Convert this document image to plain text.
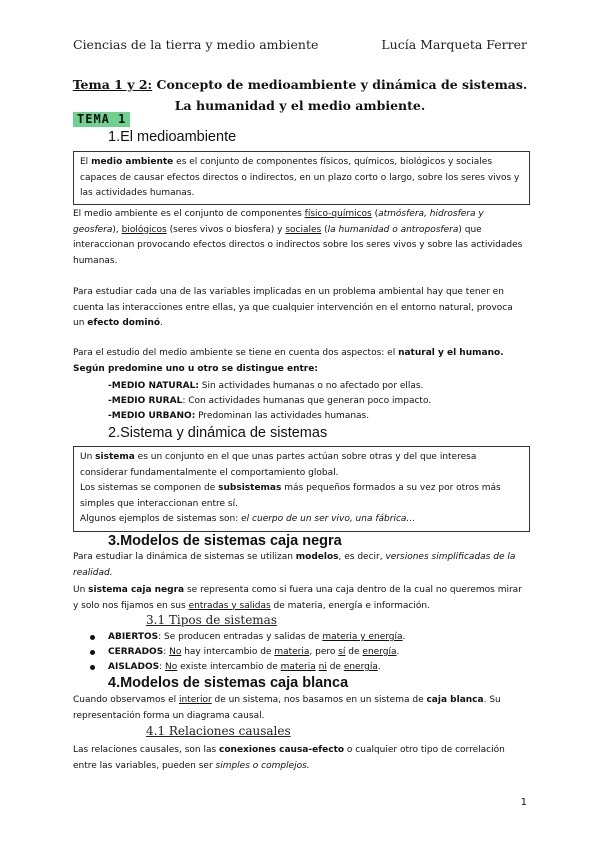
Ciencias de la tierra y medio ambiente	Lucía Marqueta Ferrer
Tema 1 y 2: Concepto de medioambiente y dinámica de sistemas. La humanidad y el medio ambiente.
TEMA 1
1.El medioambiente
El medio ambiente es el conjunto de componentes físicos, químicos, biológicos y sociales capaces de causar efectos directos o indirectos, en un plazo corto o largo, sobre los seres vivos y las actividades humanas.
El medio ambiente es el conjunto de componentes físico-químicos (atmósfera, hidrosfera y geosfera), biológicos (seres vivos o biosfera) y sociales (la humanidad o antroposfera) que interaccionan provocando efectos directos o indirectos sobre los seres vivos y sobre las actividades humanas.
Para estudiar cada una de las variables implicadas en un problema ambiental hay que tener en cuenta las interacciones entre ellas, ya que cualquier intervención en el entorno natural, provoca un efecto dominó.
Para el estudio del medio ambiente se tiene en cuenta dos aspectos: el natural y el humano.
Según predomine uno u otro se distingue entre:
-MEDIO NATURAL: Sin actividades humanas o no afectado por ellas.
-MEDIO RURAL: Con actividades humanas que generan poco impacto.
-MEDIO URBANO: Predominan las actividades humanas.
2.Sistema y dinámica de sistemas
Un sistema es un conjunto en el que unas partes actúan sobre otras y del que interesa considerar fundamentalmente el comportamiento global.
Los sistemas se componen de subsistemas más pequeños formados a su vez por otros más simples que interaccionan entre sí.
Algunos ejemplos de sistemas son: el cuerpo de un ser vivo, una fábrica…
3.Modelos de sistemas caja negra
Para estudiar la dinámica de sistemas se utilizan modelos, es decir, versiones simplificadas de la realidad.
Un sistema caja negra se representa como si fuera una caja dentro de la cual no queremos mirar y solo nos fijamos en sus entradas y salidas de materia, energía e información.
3.1 Tipos de sistemas
ABIERTOS: Se producen entradas y salidas de materia y energía.
CERRADOS: No hay intercambio de materia, pero sí de energía.
AISLADOS: No existe intercambio de materia ni de energía.
4.Modelos de sistemas caja blanca
Cuando observamos el interior de un sistema, nos basamos en un sistema de caja blanca. Su representación forma un diagrama causal.
4.1 Relaciones causales
Las relaciones causales, son las conexiones causa-efecto o cualquier otro tipo de correlación entre las variables, pueden ser simples o complejos.
1
